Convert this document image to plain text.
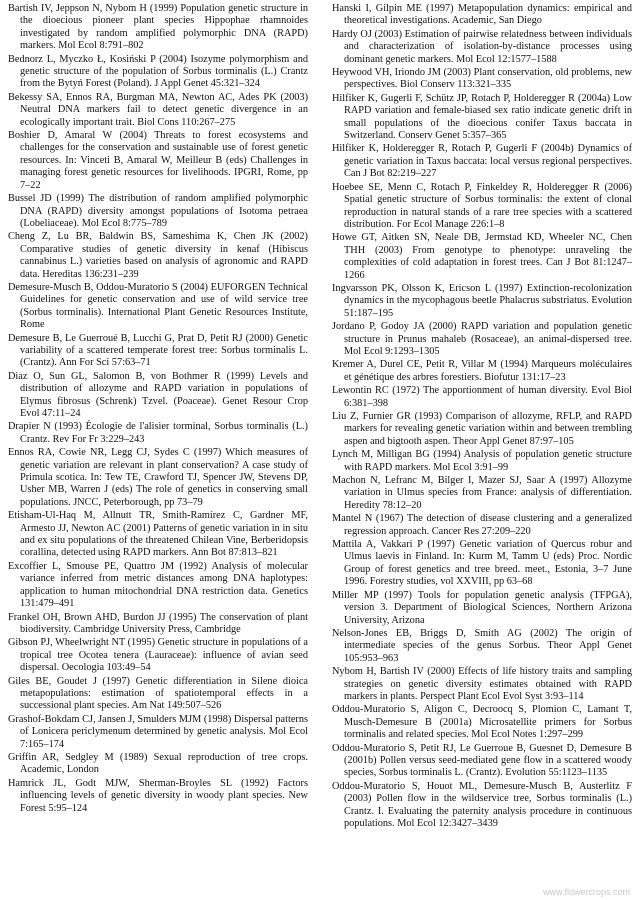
Bartish IV, Jeppson N, Nybom H (1999) Population genetic structure in the dioecious pioneer plant species Hippophae rhamnoides investigated by random amplified polymorphic DNA (RAPD) markers. Mol Ecol 8:791–802

Bednorz L, Myczko Ł, Kosiński P (2004) Isozyme polymorphism and genetic structure of the population of Sorbus torminalis (L.) Crantz from the Bytyń Forest (Poland). J Appl Genet 45:321–324

Bekessy SA, Ennos RA, Burgman MA, Newton AC, Ades PK (2003) Neutral DNA markers fail to detect genetic divergence in an ecologically important trait. Biol Cons 110:267–275

Boshier D, Amaral W (2004) Threats to forest ecosystems and challenges for the conservation and sustainable use of forest genetic resources. In: Vinceti B, Amaral W, Meilleur B (eds) Challenges in managing forest genetic resources for livelihoods. IPGRI, Rome, pp 7–22

Bussel JD (1999) The distribution of random amplified polymorphic DNA (RAPD) diversity amongst populations of Isotoma petraea (Lobeliaceae). Mol Ecol 8:775–789

Cheng Z, Lu BR, Baldwin BS, Sameshima K, Chen JK (2002) Comparative studies of genetic diversity in kenaf (Hibiscus cannabinus L.) varieties based on analysis of agronomic and RAPD data. Hereditas 136:231–239

Demesure-Musch B, Oddou-Muratorio S (2004) EUFORGEN Technical Guidelines for genetic conservation and use of wild service tree (Sorbus torminalis). International Plant Genetic Resources Institute, Rome

Demesure B, Le Guerroué B, Lucchi G, Prat D, Petit RJ (2000) Genetic variability of a scattered temperate forest tree: Sorbus torminalis L. (Crantz). Ann For Sci 57:63–71

Diaz O, Sun GL, Salomon B, von Bothmer R (1999) Levels and distribution of allozyme and RAPD variation in populations of Elymus fibrosus (Schrenk) Tzvel. (Poaceae). Genet Resour Crop Evol 47:11–24

Drapier N (1993) Écologie de l'alisier torminal, Sorbus torminalis (L.) Crantz. Rev For Fr 3:229–243

Ennos RA, Cowie NR, Legg CJ, Sydes C (1997) Which measures of genetic variation are relevant in plant conservation? A case study of Primula scotica. In: Tew TE, Crawford TJ, Spencer JW, Stevens DP, Usher MB, Warren J (eds) The role of genetics in conserving small populations. JNCC, Peterborough, pp 73–79

Etisham-Ul-Haq M, Allnutt TR, Smith-Ramírez C, Gardner MF, Armesto JJ, Newton AC (2001) Patterns of genetic variation in in situ and ex situ populations of the threatened Chilean Vine, Berberidopsis corallina, detected using RAPD markers. Ann Bot 87:813–821

Excoffier L, Smouse PE, Quattro JM (1992) Analysis of molecular variance inferred from metric distances among DNA haplotypes: application to human mitochondrial DNA restriction data. Genetics 131:479–491

Frankel OH, Brown AHD, Burdon JJ (1995) The conservation of plant biodiversity. Cambridge University Press, Cambridge

Gibson PJ, Wheelwright NT (1995) Genetic structure in populations of a tropical tree Ocotea tenera (Lauraceae): influence of avian seed dispersal. Oecologia 103:49–54

Giles BE, Goudet J (1997) Genetic differentiation in Silene dioica metapopulations: estimation of spatiotemporal effects in a successional plant species. Am Nat 149:507–526

Grashof-Bokdam CJ, Jansen J, Smulders MJM (1998) Dispersal patterns of Lonicera periclymenum determined by genetic analysis. Mol Ecol 7:165–174

Griffin AR, Sedgley M (1989) Sexual reproduction of tree crops. Academic, London

Hamrick JL, Godt MJW, Sherman-Broyles SL (1992) Factors influencing levels of genetic diversity in woody plant species. New Forest 5:95–124

Hanski I, Gilpin ME (1997) Metapopulation dynamics: empirical and theoretical investigations. Academic, San Diego

Hardy OJ (2003) Estimation of pairwise relatedness between individuals and characterization of isolation-by-distance processes using dominant genetic markers. Mol Ecol 12:1577–1588

Heywood VH, Iriondo JM (2003) Plant conservation, old problems, new perspectives. Biol Conserv 113:321–335

Hilfiker K, Gugerli F, Schütz JP, Rotach P, Holderegger R (2004a) Low RAPD variation and female-biased sex ratio indicate genetic drift in small populations of the dioecious conifer Taxus baccata in Switzerland. Conserv Genet 5:357–365

Hilfiker K, Holderegger R, Rotach P, Gugerli F (2004b) Dynamics of genetic variation in Taxus baccata: local versus regional perspectives. Can J Bot 82:219–227

Hoebee SE, Menn C, Rotach P, Finkeldey R, Holderegger R (2006) Spatial genetic structure of Sorbus torminalis: the extent of clonal reproduction in natural stands of a rare tree species with a scattered distribution. For Ecol Manage 226:1–8

Howe GT, Aitken SN, Neale DB, Jermstad KD, Wheeler NC, Chen THH (2003) From genotype to phenotype: unraveling the complexities of cold adaptation in forest trees. Can J Bot 81:1247–1266

Ingvarsson PK, Olsson K, Ericson L (1997) Extinction-recolonization dynamics in the mycophagous beetle Phalacrus substriatus. Evolution 51:187–195

Jordano P, Godoy JA (2000) RAPD variation and population genetic structure in Prunus mahaleb (Rosaceae), an animal-dispersed tree. Mol Ecol 9:1293–1305

Kremer A, Durel CE, Petit R, Villar M (1994) Marqueurs moléculaires et génétique des arbres forestiers. Biofutur 131:17–23

Lewontin RC (1972) The apportionment of human diversity. Evol Biol 6:381–398

Liu Z, Furnier GR (1993) Comparison of allozyme, RFLP, and RAPD markers for revealing genetic variation within and between trembling aspen and bigtooth aspen. Theor Appl Genet 87:97–105

Lynch M, Milligan BG (1994) Analysis of population genetic structure with RAPD markers. Mol Ecol 3:91–99

Machon N, Lefranc M, Bilger I, Mazer SJ, Saar A (1997) Allozyme variation in Ulmus species from France: analysis of differentiation. Heredity 78:12–20

Mantel N (1967) The detection of disease clustering and a generalized regression approach. Cancer Res 27:209–220

Mattila A, Vakkari P (1997) Genetic variation of Quercus robur and Ulmus laevis in Finland. In: Kurm M, Tamm U (eds) Proc. Nordic Group of forest genetics and tree breed. meet., Estonia, 3–7 June 1996. Forestry studies, vol XXVIII, pp 63–68

Miller MP (1997) Tools for population genetic analysis (TFPGA), version 3. Department of Biological Sciences, Northern Arizona University, Arizona

Nelson-Jones EB, Briggs D, Smith AG (2002) The origin of intermediate species of the genus Sorbus. Theor Appl Genet 105:953–963

Nybom H, Bartish IV (2000) Effects of life history traits and sampling strategies on genetic diversity estimates obtained with RAPD markers in plants. Perspect Plant Ecol Evol Syst 3:93–114

Oddou-Muratorio S, Aligon C, Decroocq S, Plomion C, Lamant T, Musch-Demesure B (2001a) Microsatellite primers for Sorbus torminalis and related species. Mol Ecol Notes 1:297–299

Oddou-Muratorio S, Petit RJ, Le Guerroue B, Guesnet D, Demesure B (2001b) Pollen versus seed-mediated gene flow in a scattered woody species, Sorbus torminalis L. (Crantz). Evolution 55:1123–1135

Oddou-Muratorio S, Houot ML, Demesure-Musch B, Austerlitz F (2003) Pollen flow in the wildservice tree, Sorbus torminalis (L.) Crantz. I. Evaluating the paternity analysis procedure in continuous populations. Mol Ecol 12:3427–3439

www.flowercrops.com
